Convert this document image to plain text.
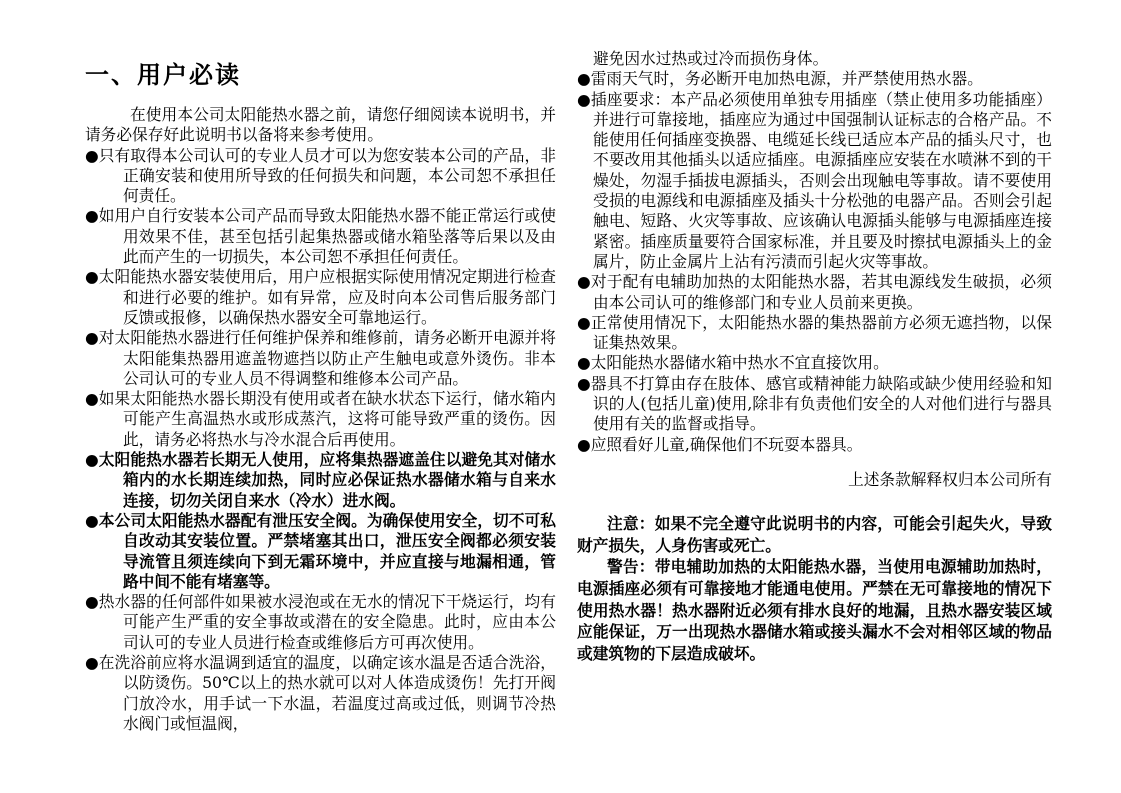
一、用户必读

在使用本公司太阳能热水器之前，请您仔细阅读本说明书，并请务必保存好此说明书以备将来参考使用。

●只有取得本公司认可的专业人员才可以为您安装本公司的产品，非正确安装和使用所导致的任何损失和问题，本公司恕不承担任何责任。

●如用户自行安装本公司产品而导致太阳能热水器不能正常运行或使用效果不佳，甚至包括引起集热器或储水箱坠落等后果以及由此而产生的一切损失，本公司恕不承担任何责任。

●太阳能热水器安装使用后，用户应根据实际使用情况定期进行检查和进行必要的维护。如有异常，应及时向本公司售后服务部门反馈或报修，以确保热水器安全可靠地运行。

●对太阳能热水器进行任何维护保养和维修前，请务必断开电源并将太阳能集热器用遮盖物遮挡以防止产生触电或意外烫伤。非本公司认可的专业人员不得调整和维修本公司产品。

●如果太阳能热水器长期没有使用或者在缺水状态下运行，储水箱内可能产生高温热水或形成蒸汽，这将可能导致严重的烫伤。因此，请务必将热水与冷水混合后再使用。

●太阳能热水器若长期无人使用，应将集热器遮盖住以避免其对储水箱内的水长期连续加热，同时应必保证热水器储水箱与自来水连接，切勿关闭自来水（冷水）进水阀。

●本公司太阳能热水器配有泄压安全阀。为确保使用安全，切不可私自改动其安装位置。严禁堵塞其出口，泄压安全阀都必须安装导流管且须连续向下到无霜环境中，并应直接与地漏相通，管路中间不能有堵塞等。

●热水器的任何部件如果被水浸泡或在无水的情况下干烧运行，均有可能产生严重的安全事故或潜在的安全隐患。此时，应由本公司认可的专业人员进行检查或维修后方可再次使用。

●在洗浴前应将水温调到适宜的温度，以确定该水温是否适合洗浴，以防烫伤。50℃以上的热水就可以对人体造成烫伤！先打开阀门放冷水，用手试一下水温，若温度过高或过低，则调节冷热水阀门或恒温阀，

避免因水过热或过冷而损伤身体。

●雷雨天气时，务必断开电加热电源，并严禁使用热水器。

●插座要求：本产品必须使用单独专用插座（禁止使用多功能插座）并进行可靠接地，插座应为通过中国强制认证标志的合格产品。不能使用任何插座变换器、电缆延长线已适应本产品的插头尺寸，也不要改用其他插头以适应插座。电源插座应安装在水喷淋不到的干燥处，勿湿手插拔电源插头，否则会出现触电等事故。请不要使用受损的电源线和电源插座及插头十分松弛的电器产品。否则会引起触电、短路、火灾等事故、应该确认电源插头能够与电源插座连接紧密。插座质量要符合国家标准，并且要及时擦拭电源插头上的金属片，防止金属片上沾有污渍而引起火灾等事故。

●对于配有电辅助加热的太阳能热水器，若其电源线发生破损，必须由本公司认可的维修部门和专业人员前来更换。

●正常使用情况下，太阳能热水器的集热器前方必须无遮挡物，以保证集热效果。

●太阳能热水器储水箱中热水不宜直接饮用。

●器具不打算由存在肢体、感官或精神能力缺陷或缺少使用经验和知识的人(包括儿童)使用,除非有负责他们安全的人对他们进行与器具使用有关的监督或指导。

●应照看好儿童,确保他们不玩耍本器具。

上述条款解释权归本公司所有

注意：如果不完全遵守此说明书的内容，可能会引起失火，导致财产损失，人身伤害或死亡。

警告：带电辅助加热的太阳能热水器，当使用电源辅助加热时，电源插座必须有可靠接地才能通电使用。严禁在无可靠接地的情况下使用热水器！热水器附近必须有排水良好的地漏，且热水器安装区域应能保证，万一出现热水器储水箱或接头漏水不会对相邻区域的物品或建筑物的下层造成破坏。
